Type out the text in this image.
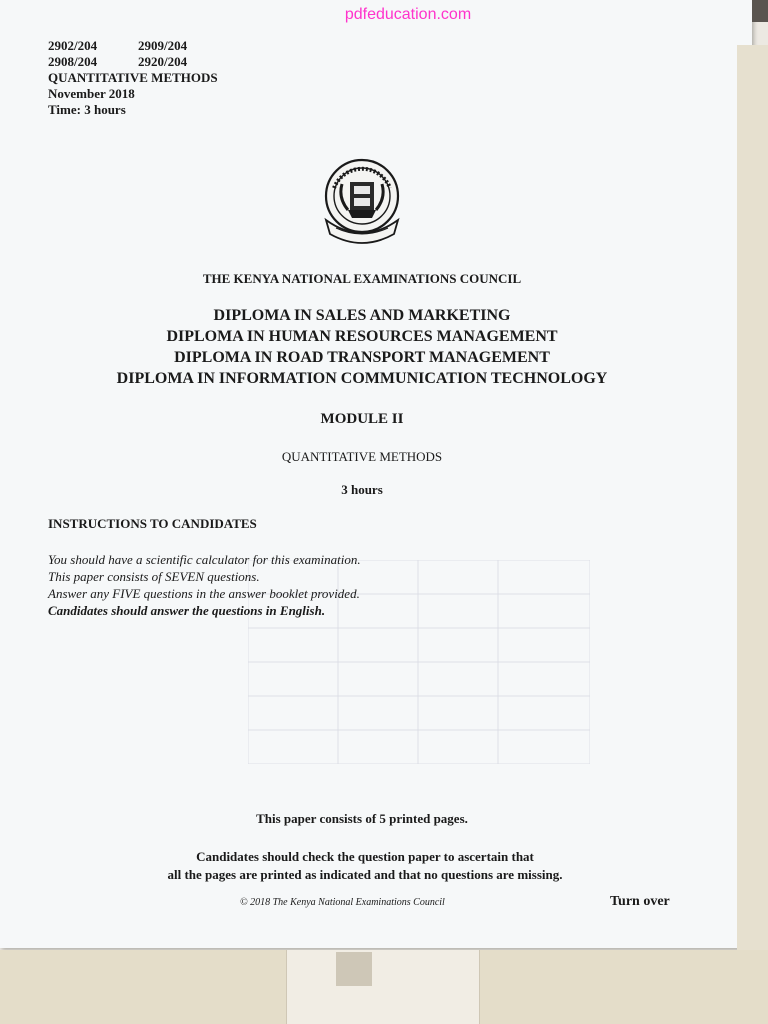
pdfeducation.com
2902/204	2909/204
2908/204	2920/204
QUANTITATIVE METHODS
November 2018
Time: 3 hours
THE KENYA NATIONAL EXAMINATIONS COUNCIL
DIPLOMA IN SALES AND MARKETING
DIPLOMA IN HUMAN RESOURCES MANAGEMENT
DIPLOMA IN ROAD TRANSPORT MANAGEMENT
DIPLOMA IN INFORMATION COMMUNICATION TECHNOLOGY
MODULE II
QUANTITATIVE METHODS
3 hours
INSTRUCTIONS TO CANDIDATES
You should have a scientific calculator for this examination.
This paper consists of SEVEN questions.
Answer any FIVE questions in the answer booklet provided.
Candidates should answer the questions in English.
This paper consists of 5 printed pages.
Candidates should check the question paper to ascertain that
all the pages are printed as indicated and that no questions are missing.
© 2018 The Kenya National Examinations Council	Turn over
